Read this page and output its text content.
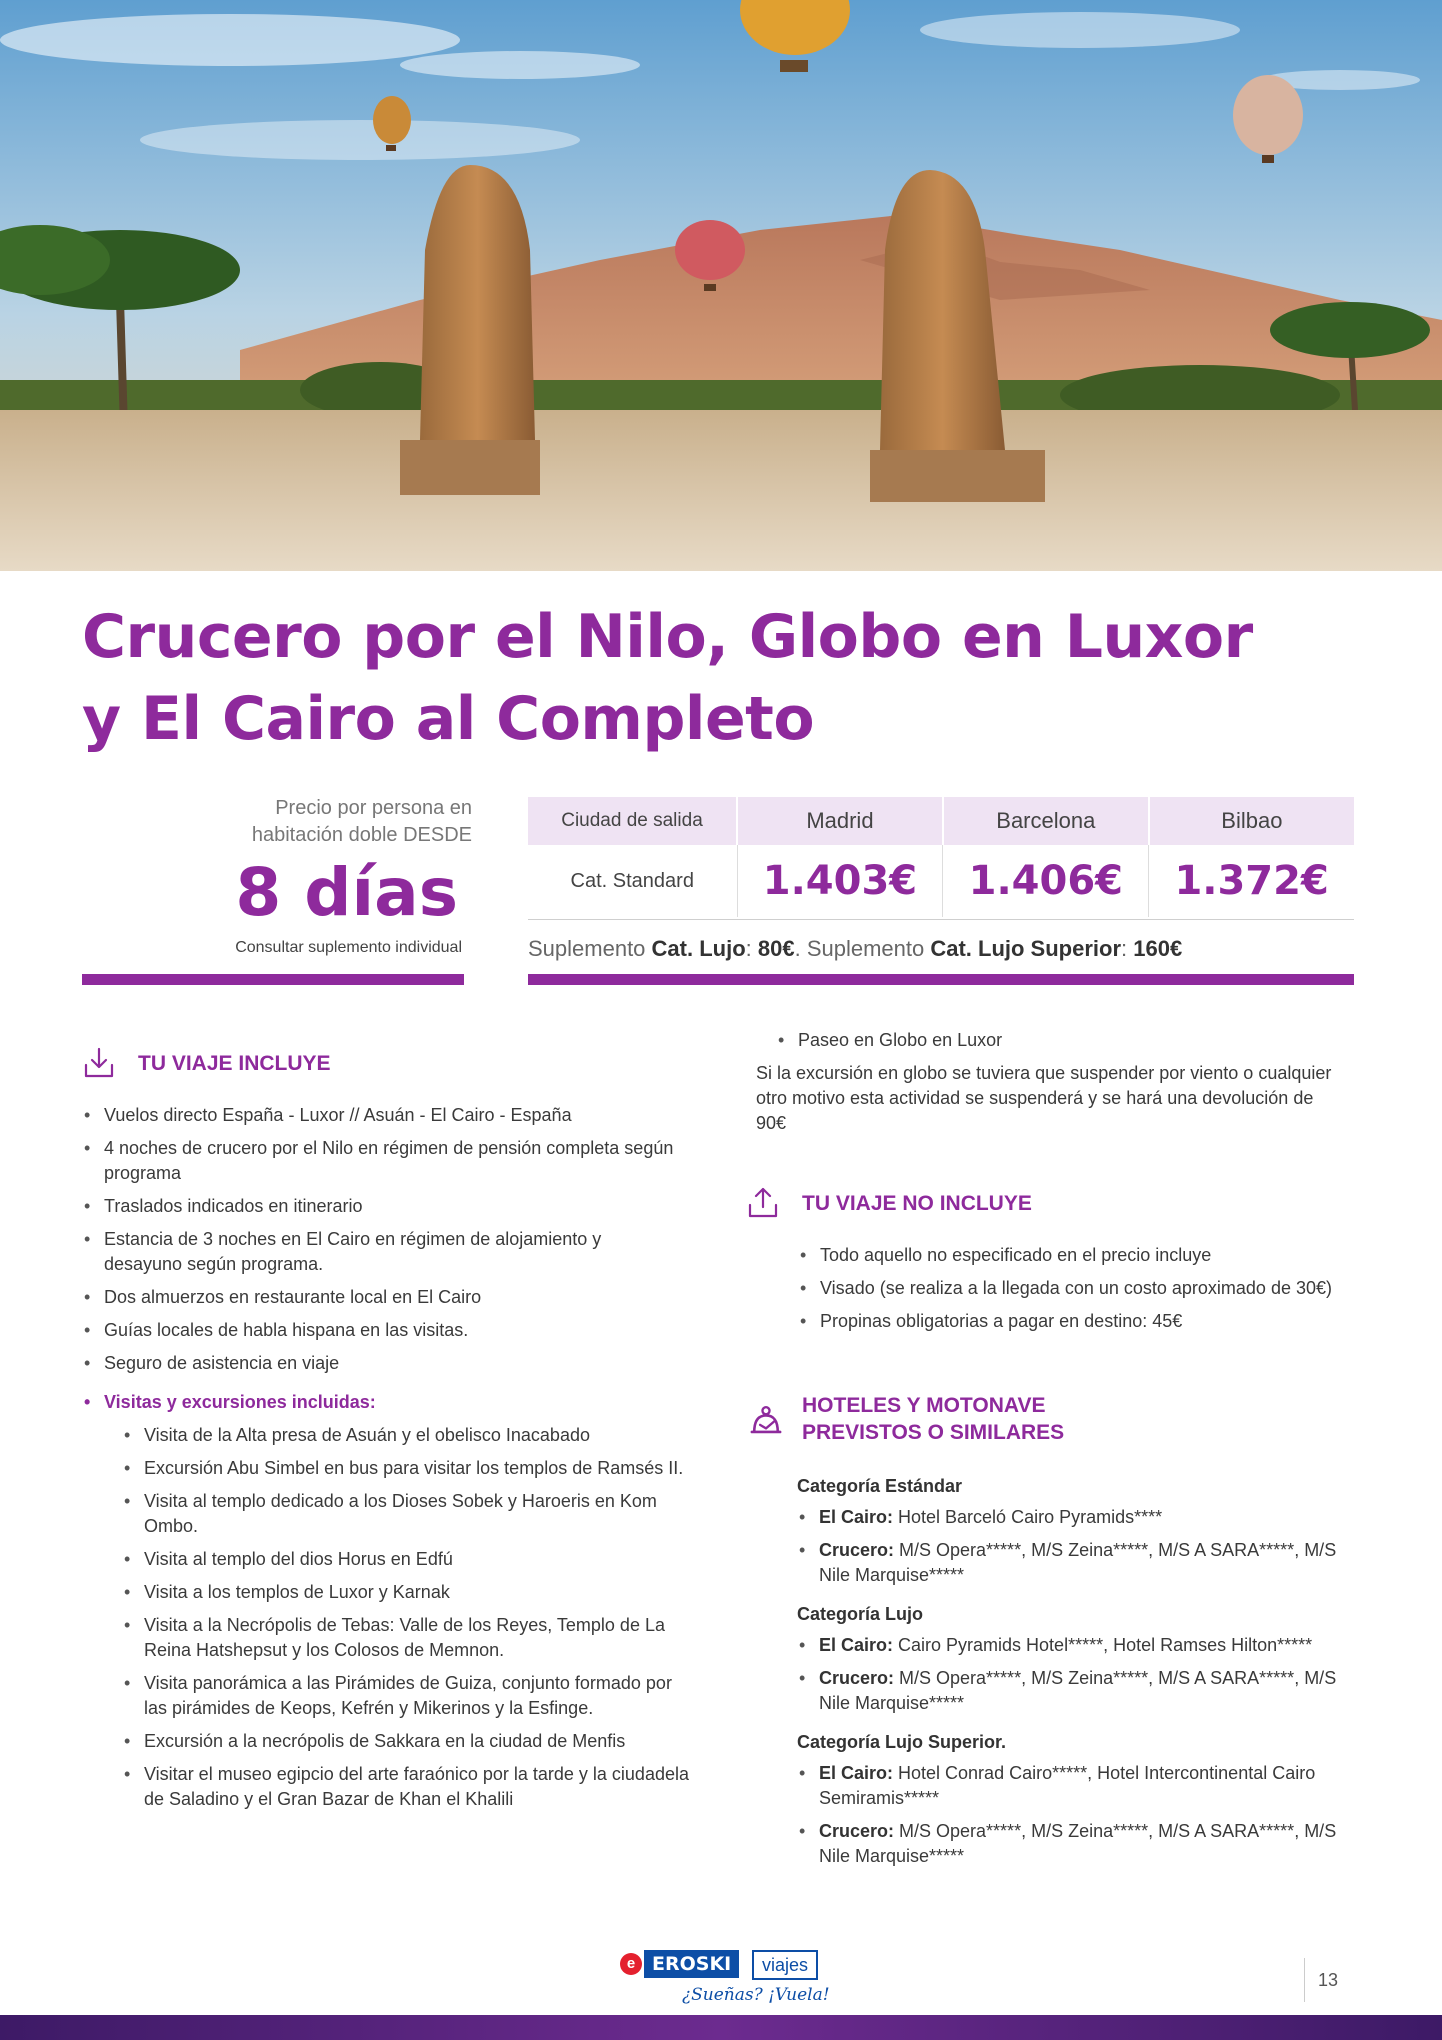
Crucero por el Nilo, Globo en Luxor
y El Cairo al Completo
Precio por persona en
habitación doble DESDE
8 días
Consultar suplemento individual
Ciudad de salida	Madrid	Barcelona	Bilbao
Cat. Standard	1.403€	1.406€	1.372€
Suplemento Cat. Lujo: 80€. Suplemento Cat. Lujo Superior: 160€
TU VIAJE INCLUYE
• Vuelos directo España - Luxor // Asuán - El Cairo - España
• 4 noches de crucero por el Nilo en régimen de pensión completa según programa
• Traslados indicados en itinerario
• Estancia de 3 noches en El Cairo en régimen de alojamiento y desayuno según programa.
• Dos almuerzos en restaurante local en El Cairo
• Guías locales de habla hispana en las visitas.
• Seguro de asistencia en viaje
• Visitas y excursiones incluidas:
• Visita de la Alta presa de Asuán y el obelisco Inacabado
• Excursión Abu Simbel en bus para visitar los templos de Ramsés II.
• Visita al templo dedicado a los Dioses Sobek y Haroeris en Kom Ombo.
• Visita al templo del dios Horus en Edfú
• Visita a los templos de Luxor y Karnak
• Visita a la Necrópolis de Tebas: Valle de los Reyes, Templo de La Reina Hatshepsut y los Colosos de Memnon.
• Visita panorámica a las Pirámides de Guiza, conjunto formado por las pirámides de Keops, Kefrén y Mikerinos y la Esfinge.
• Excursión a la necrópolis de Sakkara en la ciudad de Menfis
• Visitar el museo egipcio del arte faraónico por la tarde y la ciudadela de Saladino y el Gran Bazar de Khan el Khalili
• Paseo en Globo en Luxor
Si la excursión en globo se tuviera que suspender por viento o cualquier otro motivo esta actividad se suspenderá y se hará una devolución de 90€
TU VIAJE NO INCLUYE
• Todo aquello no especificado en el precio incluye
• Visado (se realiza a la llegada con un costo aproximado de 30€)
• Propinas obligatorias a pagar en destino: 45€
HOTELES Y MOTONAVE
PREVISTOS O SIMILARES
Categoría Estándar
• El Cairo: Hotel Barceló Cairo Pyramids****
• Crucero: M/S Opera*****, M/S Zeina*****, M/S A SARA*****, M/S Nile Marquise*****
Categoría Lujo
• El Cairo: Cairo Pyramids Hotel*****, Hotel Ramses Hilton*****
• Crucero: M/S Opera*****, M/S Zeina*****, M/S A SARA*****, M/S Nile Marquise*****
Categoría Lujo Superior.
• El Cairo: Hotel Conrad Cairo*****, Hotel Intercontinental Cairo Semiramis*****
• Crucero: M/S Opera*****, M/S Zeina*****, M/S A SARA*****, M/S Nile Marquise*****
e EROSKI	viajes
¿Sueñas? ¡Vuela!
13
